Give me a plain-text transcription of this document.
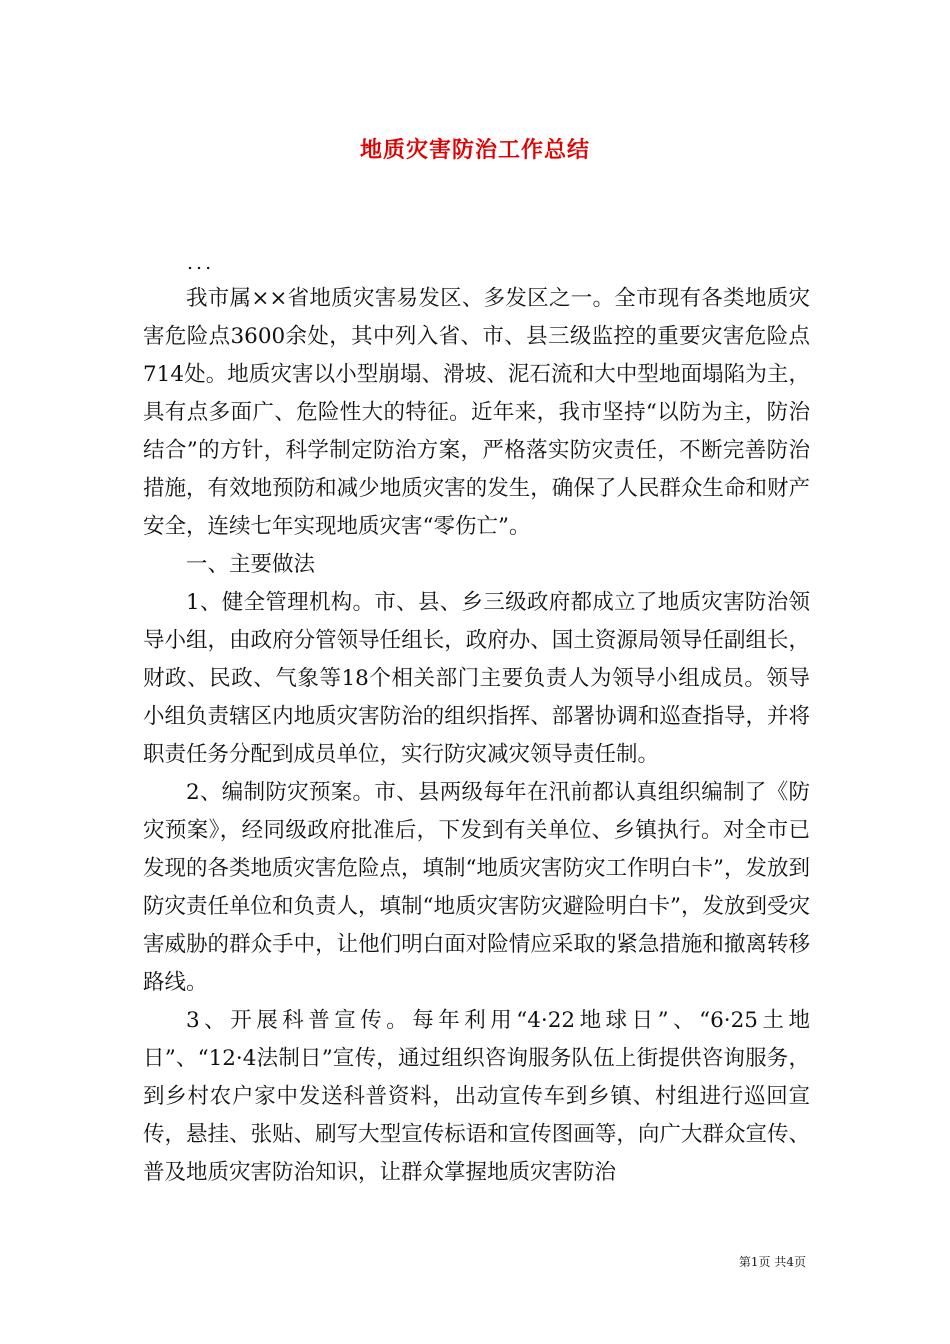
地质灾害防治工作总结
...

我市属××省地质灾害易发区、多发区之一。全市现有各类地质灾害危险点3600余处，其中列入省、市、县三级监控的重要灾害危险点714处。地质灾害以小型崩塌、滑坡、泥石流和大中型地面塌陷为主，具有点多面广、危险性大的特征。近年来，我市坚持“以防为主，防治结合”的方针，科学制定防治方案，严格落实防灾责任，不断完善防治措施，有效地预防和减少地质灾害的发生，确保了人民群众生命和财产安全，连续七年实现地质灾害“零伤亡”。

一、主要做法

1、健全管理机构。市、县、乡三级政府都成立了地质灾害防治领导小组，由政府分管领导任组长，政府办、国土资源局领导任副组长，财政、民政、气象等18个相关部门主要负责人为领导小组成员。领导小组负责辖区内地质灾害防治的组织指挥、部署协调和巡查指导，并将职责任务分配到成员单位，实行防灾减灾领导责任制。

2、编制防灾预案。市、县两级每年在汛前都认真组织编制了《防灾预案》，经同级政府批准后，下发到有关单位、乡镇执行。对全市已发现的各类地质灾害危险点，填制“地质灾害防灾工作明白卡”，发放到防灾责任单位和负责人，填制“地质灾害防灾避险明白卡”，发放到受灾害威胁的群众手中，让他们明白面对险情应采取的紧急措施和撤离转移路线。

3、开展科普宣传。每年利用“4·22地球日”、“6·25土地日”、“12·4法制日”宣传，通过组织咨询服务队伍上街提供咨询服务，到乡村农户家中发送科普资料，出动宣传车到乡镇、村组进行巡回宣传，悬挂、张贴、刷写大型宣传标语和宣传图画等，向广大群众宣传、普及地质灾害防治知识，让群众掌握地质灾害防治

第1页 共4页
